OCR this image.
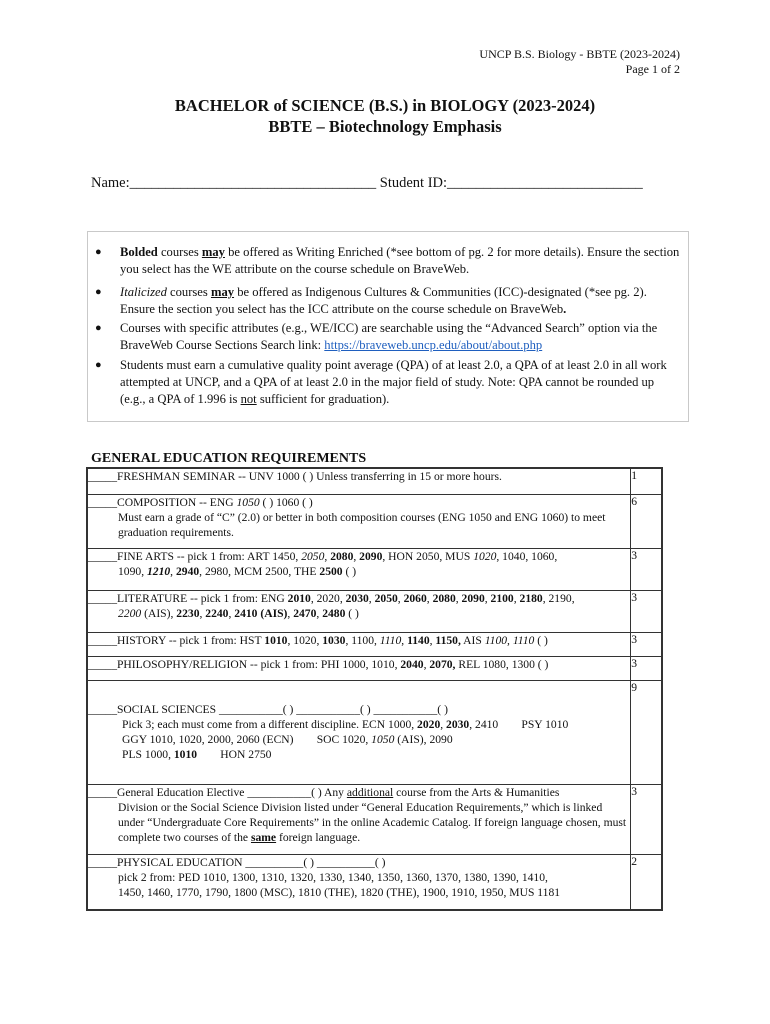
UNCP B.S. Biology - BBTE (2023-2024)
Page 1 of 2
BACHELOR of SCIENCE (B.S.) in BIOLOGY (2023-2024)
BBTE – Biotechnology Emphasis
Name:__________________________________ Student ID:___________________________
● Bolded courses may be offered as Writing Enriched (*see bottom of pg. 2 for more details). Ensure the section you select has the WE attribute on the course schedule on BraveWeb.
● Italicized courses may be offered as Indigenous Cultures & Communities (ICC)-designated (*see pg. 2). Ensure the section you select has the ICC attribute on the course schedule on BraveWeb.
● Courses with specific attributes (e.g., WE/ICC) are searchable using the “Advanced Search” option via the BraveWeb Course Sections Search link: https://braveweb.uncp.edu/about/about.php
● Students must earn a cumulative quality point average (QPA) of at least 2.0, a QPA of at least 2.0 in all work attempted at UNCP, and a QPA of at least 2.0 in the major field of study. Note: QPA cannot be rounded up (e.g., a QPA of 1.996 is not sufficient for graduation).
GENERAL EDUCATION REQUIREMENTS
_____FRESHMAN SEMINAR -- UNV 1000 ( ) Unless transferring in 15 or more hours.	1
_____COMPOSITION -- ENG 1050 ( ) 1060 ( )
Must earn a grade of “C” (2.0) or better in both composition courses (ENG 1050 and ENG 1060) to meet graduation requirements.	6
_____FINE ARTS -- pick 1 from: ART 1450, 2050, 2080, 2090, HON 2050, MUS 1020, 1040, 1060,
1090, 1210, 2940, 2980, MCM 2500, THE 2500 ( )	3
_____LITERATURE -- pick 1 from: ENG 2010, 2020, 2030, 2050, 2060, 2080, 2090, 2100, 2180, 2190,
2200 (AIS), 2230, 2240, 2410 (AIS), 2470, 2480 ( )	3
_____HISTORY -- pick 1 from: HST 1010, 1020, 1030, 1100, 1110, 1140, 1150, AIS 1100, 1110 ( )	3
_____PHILOSOPHY/RELIGION -- pick 1 from: PHI 1000, 1010, 2040, 2070, REL 1080, 1300 ( )	3

_____SOCIAL SCIENCES ___________( ) ___________( ) ___________( )
Pick 3; each must come from a different discipline. ECN 1000, 2020, 2030, 2410        PSY 1010
GGY 1010, 1020, 2000, 2060 (ECN)        SOC 1020, 1050 (AIS), 2090
PLS 1000, 1010        HON 2750	9
_____General Education Elective ___________( ) Any additional course from the Arts & Humanities
Division or the Social Science Division listed under “General Education Requirements,” which is linked under “Undergraduate Core Requirements” in the online Academic Catalog. If foreign language chosen, must complete two courses of the same foreign language.	3
_____PHYSICAL EDUCATION __________( ) __________( )
pick 2 from: PED 1010, 1300, 1310, 1320, 1330, 1340, 1350, 1360, 1370, 1380, 1390, 1410,
1450, 1460, 1770, 1790, 1800 (MSC), 1810 (THE), 1820 (THE), 1900, 1910, 1950, MUS 1181	2
